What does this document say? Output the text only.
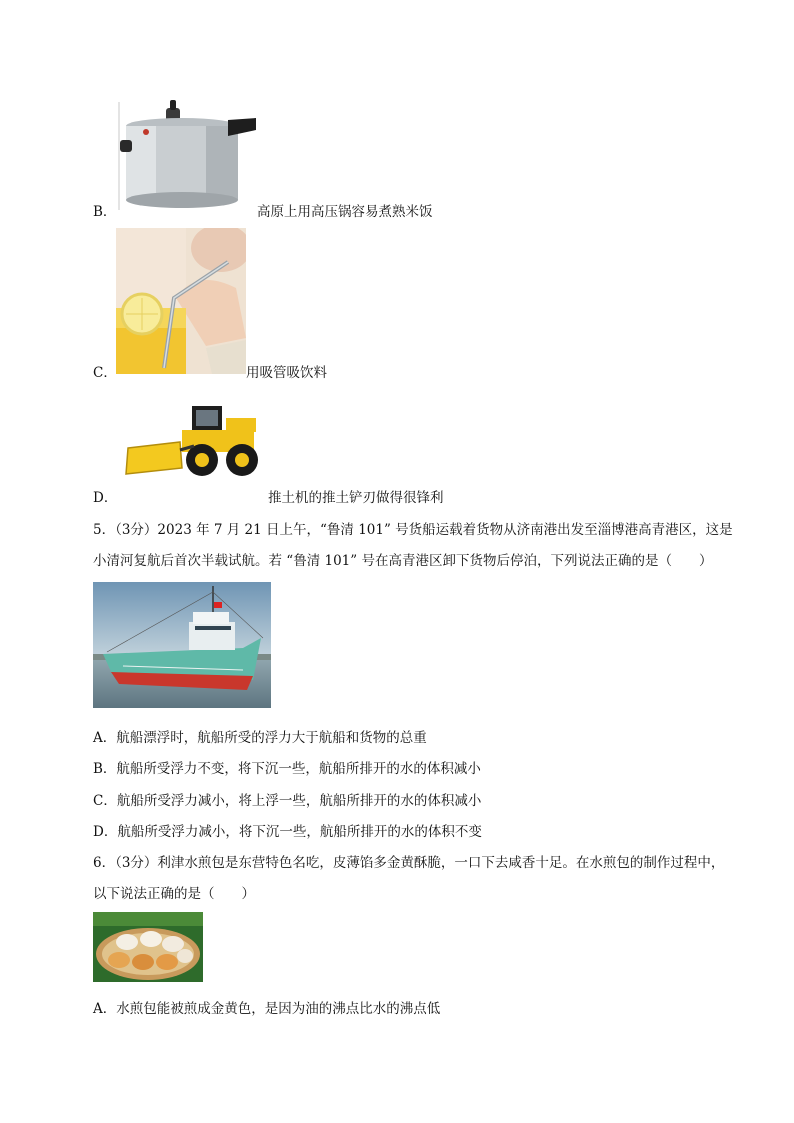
B．	高原上用高压锅容易煮熟米饭
C．	用吸管吸饮料
D．	推土机的推土铲刃做得很锋利
5．（3分）2023 年 7 月 21 日上午，“鲁清 101” 号货船运载着货物从济南港出发至淄博港高青港区，这是
小清河复航后首次半载试航。若 “鲁清 101” 号在高青港区卸下货物后停泊，下列说法正确的是（　　）
A．航船漂浮时，航船所受的浮力大于航船和货物的总重
B．航船所受浮力不变，将下沉一些，航船所排开的水的体积减小
C．航船所受浮力减小，将上浮一些，航船所排开的水的体积减小
D．航船所受浮力减小，将下沉一些，航船所排开的水的体积不变
6．（3分）利津水煎包是东营特色名吃，皮薄馅多金黄酥脆，一口下去咸香十足。在水煎包的制作过程中，
以下说法正确的是（　　）
A．水煎包能被煎成金黄色，是因为油的沸点比水的沸点低
